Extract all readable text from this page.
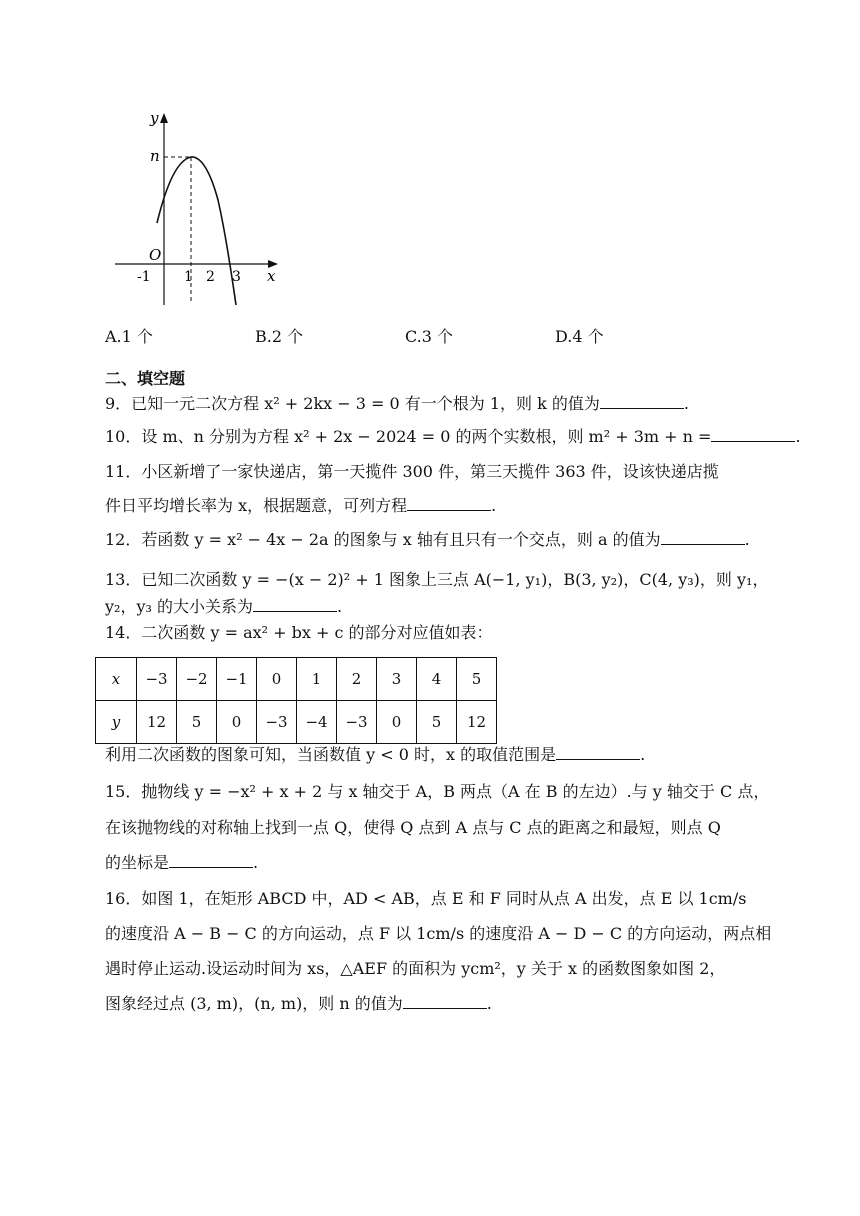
y
n
O
x
-1 1 2 3
A.1 个	B.2 个	C.3 个	D.4 个
二、填空题
9．已知一元二次方程 x² + 2kx − 3 = 0 有一个根为 1，则 k 的值为	.
10．设 m、n 分别为方程 x² + 2x − 2024 = 0 的两个实数根，则 m² + 3m + n =	.
11．小区新增了一家快递店，第一天揽件 300 件，第三天揽件 363 件，设该快递店揽
件日平均增长率为 x，根据题意，可列方程	.
12．若函数 y = x² − 4x − 2a 的图象与 x 轴有且只有一个交点，则 a 的值为	.
13．已知二次函数 y = −(x − 2)² + 1 图象上三点 A(−1, y₁)，B(3, y₂)，C(4, y₃)，则 y₁，
y₂，y₃ 的大小关系为	.
14．二次函数 y = ax² + bx + c 的部分对应值如表：
x	−3	−2	−1	0	1	2	3	4	5
y	12	5	0	−3	−4	−3	0	5	12
利用二次函数的图象可知，当函数值 y < 0 时，x 的取值范围是	.
15．抛物线 y = −x² + x + 2 与 x 轴交于 A，B 两点（A 在 B 的左边）.与 y 轴交于 C 点，
在该抛物线的对称轴上找到一点 Q，使得 Q 点到 A 点与 C 点的距离之和最短，则点 Q
的坐标是	.
16．如图 1，在矩形 ABCD 中，AD < AB，点 E 和 F 同时从点 A 出发，点 E 以 1cm/s
的速度沿 A − B − C 的方向运动，点 F 以 1cm/s 的速度沿 A − D − C 的方向运动，两点相
遇时停止运动.设运动时间为 xs，△AEF 的面积为 ycm²，y 关于 x 的函数图象如图 2，
图象经过点 (3, m)，(n, m)，则 n 的值为	.
